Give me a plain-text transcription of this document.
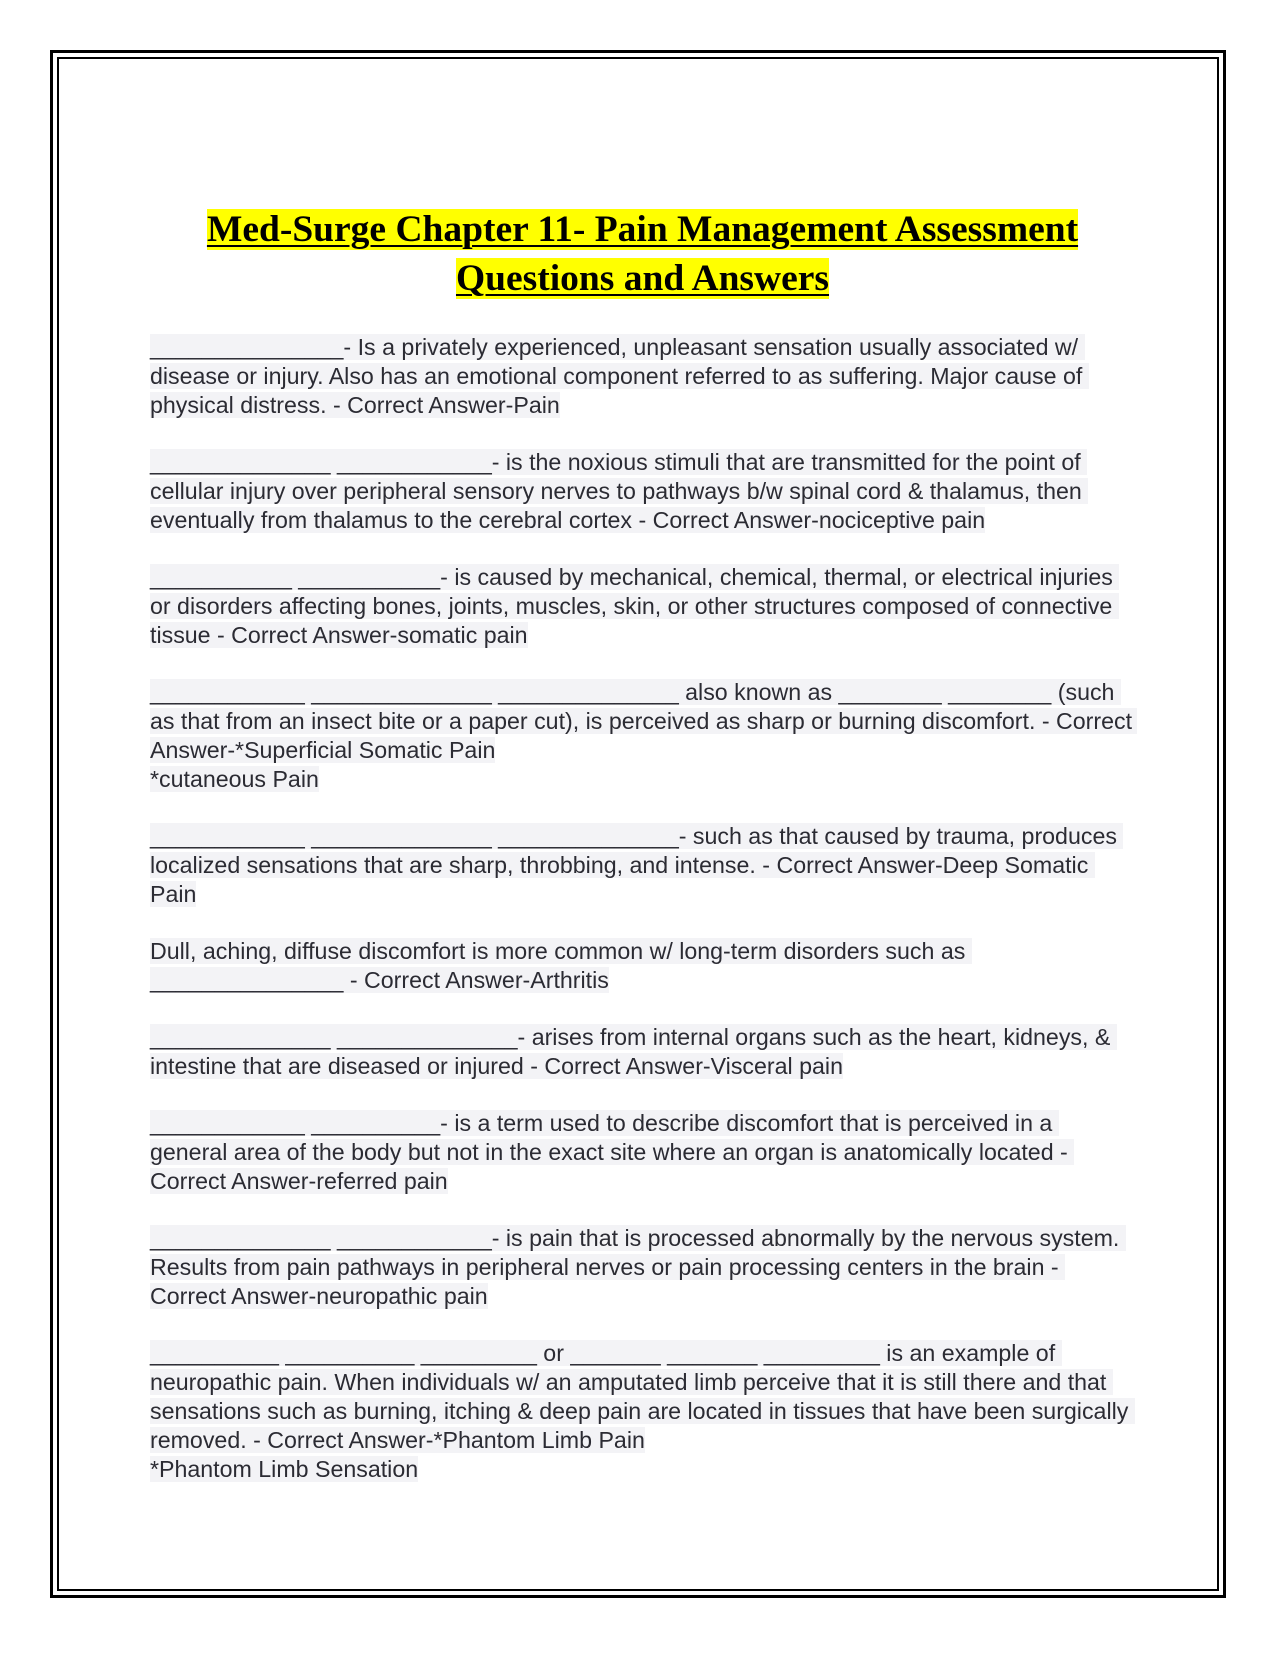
Med-Surge Chapter 11- Pain Management Assessment
Questions and Answers

_______________- Is a privately experienced, unpleasant sensation usually associated w/ disease or injury. Also has an emotional component referred to as suffering. Major cause of physical distress. - Correct Answer-Pain

______________ ____________- is the noxious stimuli that are transmitted for the point of cellular injury over peripheral sensory nerves to pathways b/w spinal cord & thalamus, then eventually from thalamus to the cerebral cortex - Correct Answer-nociceptive pain

___________ ___________- is caused by mechanical, chemical, thermal, or electrical injuries or disorders affecting bones, joints, muscles, skin, or other structures composed of connective tissue - Correct Answer-somatic pain

____________ ______________ ______________ also known as ________ ________ (such as that from an insect bite or a paper cut), is perceived as sharp or burning discomfort. - Correct Answer-*Superficial Somatic Pain
*cutaneous Pain

____________ ______________ ______________- such as that caused by trauma, produces localized sensations that are sharp, throbbing, and intense. - Correct Answer-Deep Somatic Pain

Dull, aching, diffuse discomfort is more common w/ long-term disorders such as _______________ - Correct Answer-Arthritis

______________ ______________- arises from internal organs such as the heart, kidneys, & intestine that are diseased or injured - Correct Answer-Visceral pain

____________ __________- is a term used to describe discomfort that is perceived in a general area of the body but not in the exact site where an organ is anatomically located - Correct Answer-referred pain

______________ ____________- is pain that is processed abnormally by the nervous system. Results from pain pathways in peripheral nerves or pain processing centers in the brain - Correct Answer-neuropathic pain

__________ __________ _________ or _______ _______ _________ is an example of neuropathic pain. When individuals w/ an amputated limb perceive that it is still there and that sensations such as burning, itching & deep pain are located in tissues that have been surgically removed. - Correct Answer-*Phantom Limb Pain
*Phantom Limb Sensation
